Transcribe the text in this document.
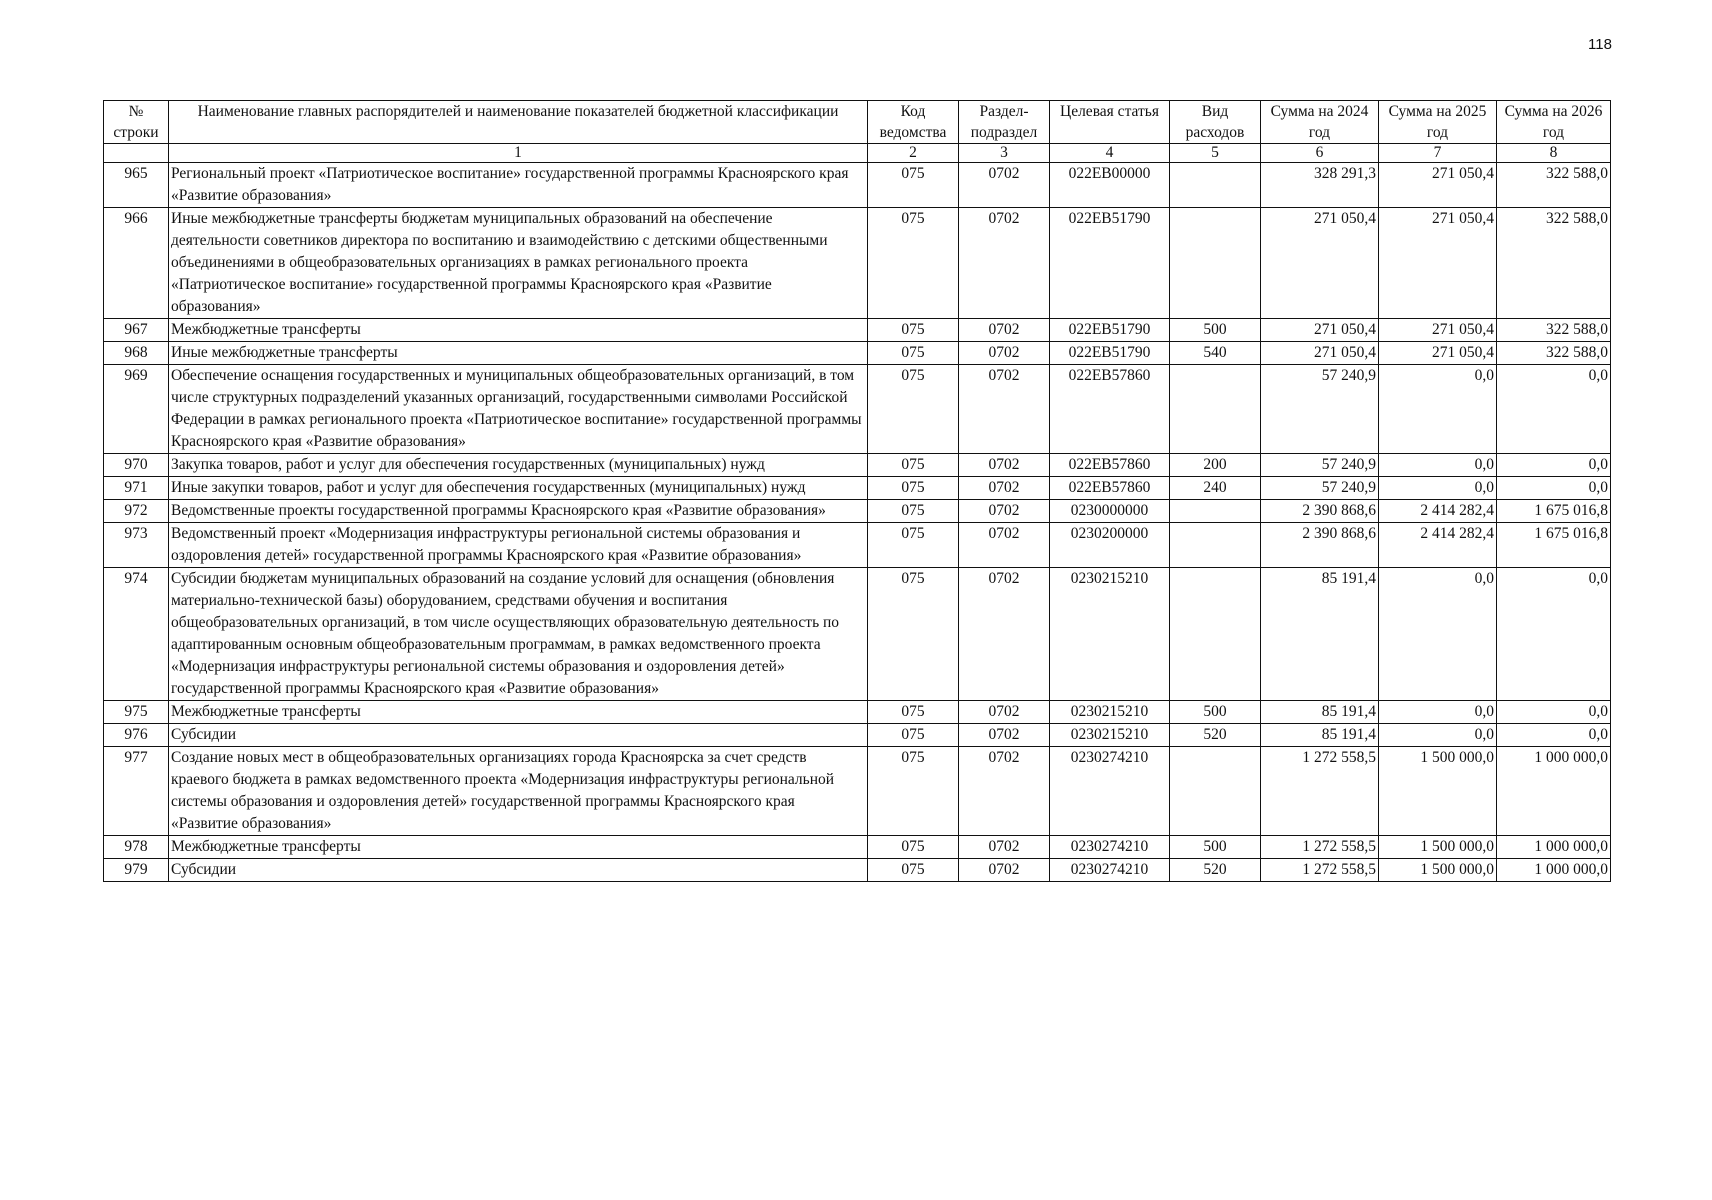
118
№ строки	Наименование главных распорядителей и наименование показателей бюджетной классификации	Код ведомства	Раздел-подраздел	Целевая статья	Вид расходов	Сумма на 2024 год	Сумма на 2025 год	Сумма на 2026 год
	1	2	3	4	5	6	7	8
965	Региональный проект «Патриотическое воспитание» государственной программы Красноярского края «Развитие образования»	075	0702	022EB00000		328 291,3	271 050,4	322 588,0
966	Иные межбюджетные трансферты бюджетам муниципальных образований на обеспечение деятельности советников директора по воспитанию и взаимодействию с детскими общественными объединениями в общеобразовательных организациях в рамках регионального проекта «Патриотическое воспитание» государственной программы Красноярского края «Развитие образования»	075	0702	022EB51790		271 050,4	271 050,4	322 588,0
967	Межбюджетные трансферты	075	0702	022EB51790	500	271 050,4	271 050,4	322 588,0
968	Иные межбюджетные трансферты	075	0702	022EB51790	540	271 050,4	271 050,4	322 588,0
969	Обеспечение оснащения государственных и муниципальных общеобразовательных организаций, в том числе структурных подразделений указанных организаций, государственными символами Российской Федерации в рамках регионального проекта «Патриотическое воспитание» государственной программы Красноярского края «Развитие образования»	075	0702	022EB57860		57 240,9	0,0	0,0
970	Закупка товаров, работ и услуг для обеспечения государственных (муниципальных) нужд	075	0702	022EB57860	200	57 240,9	0,0	0,0
971	Иные закупки товаров, работ и услуг для обеспечения государственных (муниципальных) нужд	075	0702	022EB57860	240	57 240,9	0,0	0,0
972	Ведомственные проекты государственной программы Красноярского края «Развитие образования»	075	0702	0230000000		2 390 868,6	2 414 282,4	1 675 016,8
973	Ведомственный проект «Модернизация инфраструктуры региональной системы образования и оздоровления детей» государственной программы Красноярского края «Развитие образования»	075	0702	0230200000		2 390 868,6	2 414 282,4	1 675 016,8
974	Субсидии бюджетам муниципальных образований на создание условий для оснащения (обновления материально-технической базы) оборудованием, средствами обучения и воспитания общеобразовательных организаций, в том числе осуществляющих образовательную деятельность по адаптированным основным общеобразовательным программам, в рамках ведомственного проекта «Модернизация инфраструктуры региональной системы образования и оздоровления детей» государственной программы Красноярского края «Развитие образования»	075	0702	0230215210		85 191,4	0,0	0,0
975	Межбюджетные трансферты	075	0702	0230215210	500	85 191,4	0,0	0,0
976	Субсидии	075	0702	0230215210	520	85 191,4	0,0	0,0
977	Создание новых мест в общеобразовательных организациях города Красноярска за счет средств краевого бюджета в рамках ведомственного проекта «Модернизация инфраструктуры региональной системы образования и оздоровления детей» государственной программы Красноярского края «Развитие образования»	075	0702	0230274210		1 272 558,5	1 500 000,0	1 000 000,0
978	Межбюджетные трансферты	075	0702	0230274210	500	1 272 558,5	1 500 000,0	1 000 000,0
979	Субсидии	075	0702	0230274210	520	1 272 558,5	1 500 000,0	1 000 000,0
